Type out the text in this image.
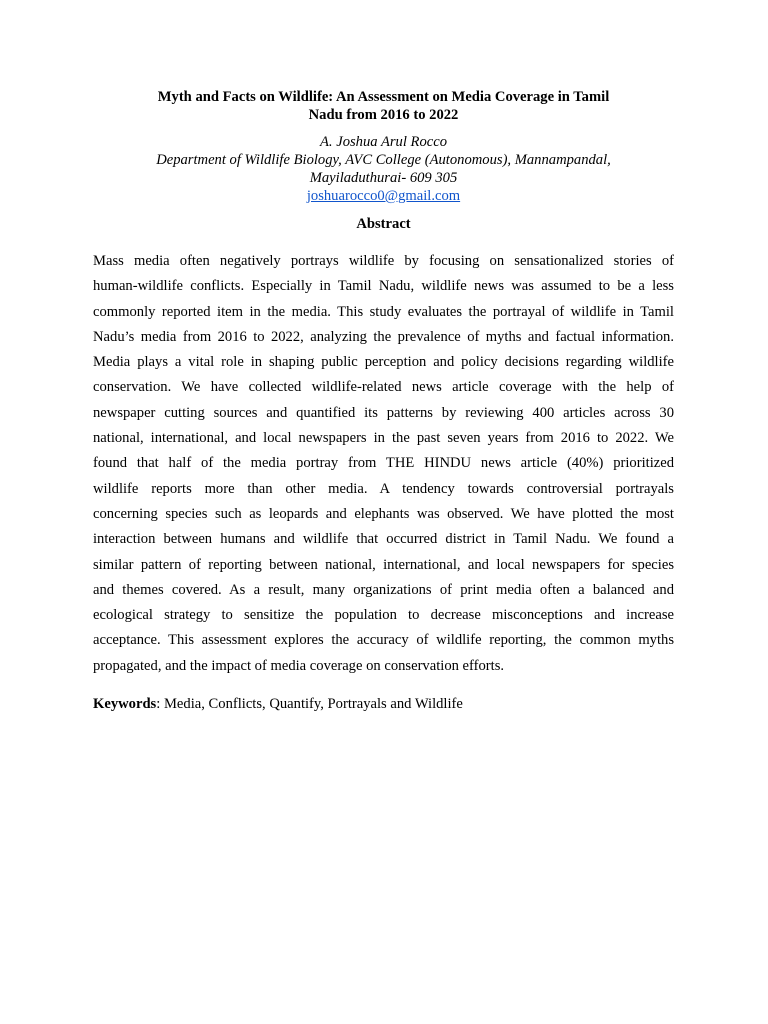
Myth and Facts on Wildlife: An Assessment on Media Coverage in Tamil
Nadu from 2016 to 2022
A. Joshua Arul Rocco
Department of Wildlife Biology, AVC College (Autonomous), Mannampandal,
Mayiladuthurai- 609 305
joshuarocco0@gmail.com
Abstract
Mass media often negatively portrays wildlife by focusing on sensationalized stories of
human-wildlife conflicts. Especially in Tamil Nadu, wildlife news was assumed to be a less
commonly reported item in the media. This study evaluates the portrayal of wildlife in Tamil
Nadu’s media from 2016 to 2022, analyzing the prevalence of myths and factual information.
Media plays a vital role in shaping public perception and policy decisions regarding wildlife
conservation. We have collected wildlife-related news article coverage with the help of
newspaper cutting sources and quantified its patterns by reviewing 400 articles across 30
national, international, and local newspapers in the past seven years from 2016 to 2022. We
found that half of the media portray from THE HINDU news article (40%) prioritized
wildlife reports more than other media. A tendency towards controversial portrayals
concerning species such as leopards and elephants was observed. We have plotted the most
interaction between humans and wildlife that occurred district in Tamil Nadu. We found a
similar pattern of reporting between national, international, and local newspapers for species
and themes covered. As a result, many organizations of print media often a balanced and
ecological strategy to sensitize the population to decrease misconceptions and increase
acceptance. This assessment explores the accuracy of wildlife reporting, the common myths
propagated, and the impact of media coverage on conservation efforts.
Keywords: Media, Conflicts, Quantify, Portrayals and Wildlife
